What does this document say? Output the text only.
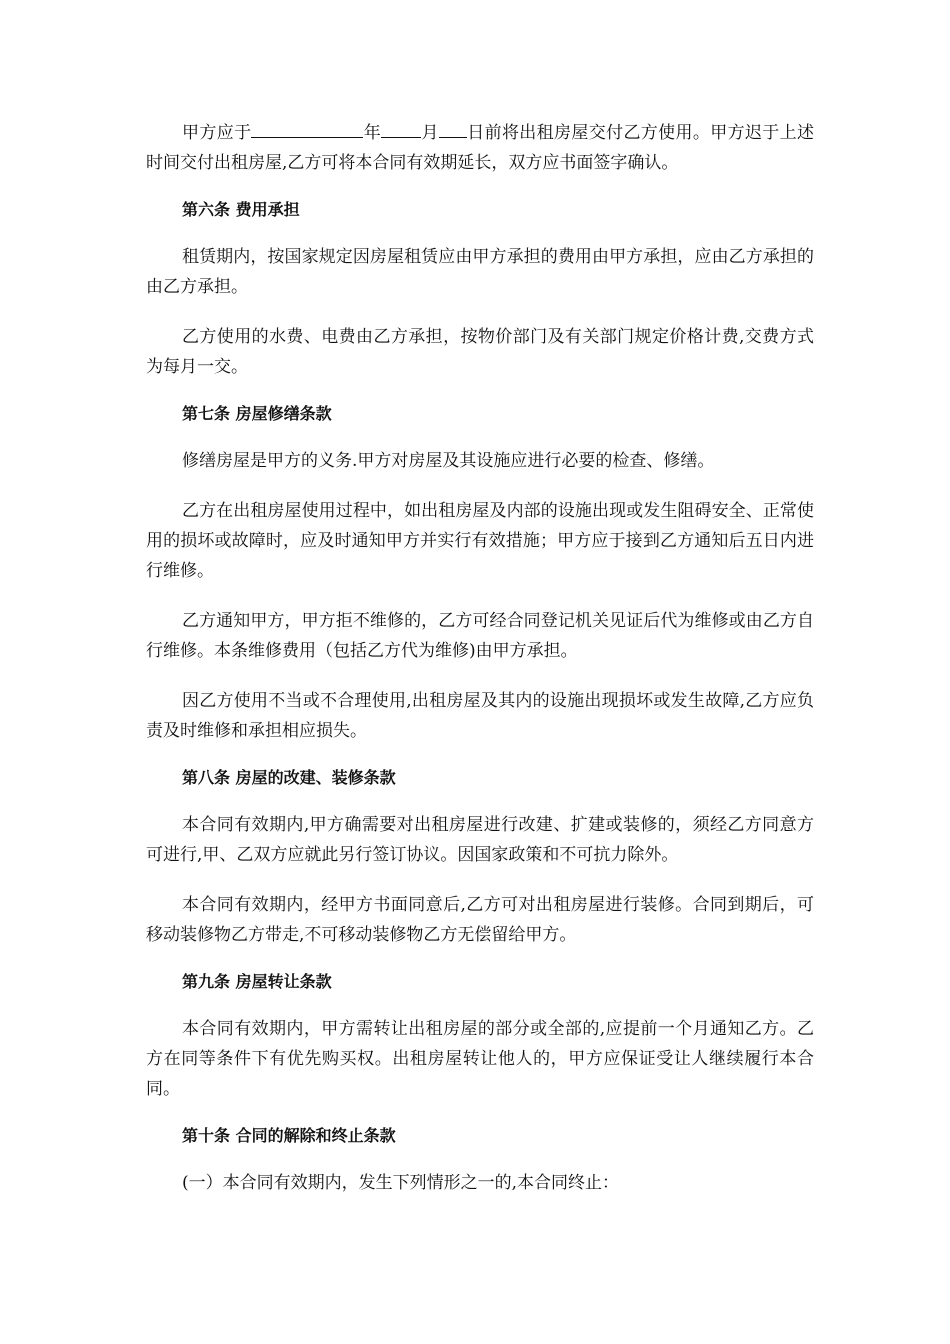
甲方应于	年 月 日前将出租房屋交付乙方使用。甲方迟于上述时间交付出租房屋,乙方可将本合同有效期延长，双方应书面签字确认。

第六条 费用承担

租赁期内，按国家规定因房屋租赁应由甲方承担的费用由甲方承担，应由乙方承担的由乙方承担。

乙方使用的水费、电费由乙方承担，按物价部门及有关部门规定价格计费,交费方式为每月一交。

第七条 房屋修缮条款

修缮房屋是甲方的义务.甲方对房屋及其设施应进行必要的检查、修缮。

乙方在出租房屋使用过程中，如出租房屋及内部的设施出现或发生阻碍安全、正常使用的损坏或故障时，应及时通知甲方并实行有效措施；甲方应于接到乙方通知后五日内进行维修。

乙方通知甲方，甲方拒不维修的，乙方可经合同登记机关见证后代为维修或由乙方自行维修。本条维修费用（包括乙方代为维修)由甲方承担。

因乙方使用不当或不合理使用,出租房屋及其内的设施出现损坏或发生故障,乙方应负责及时维修和承担相应损失。

第八条 房屋的改建、装修条款

本合同有效期内,甲方确需要对出租房屋进行改建、扩建或装修的，须经乙方同意方可进行,甲、乙双方应就此另行签订协议。因国家政策和不可抗力除外。

本合同有效期内，经甲方书面同意后,乙方可对出租房屋进行装修。合同到期后，可移动装修物乙方带走,不可移动装修物乙方无偿留给甲方。

第九条 房屋转让条款

本合同有效期内，甲方需转让出租房屋的部分或全部的,应提前一个月通知乙方。乙方在同等条件下有优先购买权。出租房屋转让他人的，甲方应保证受让人继续履行本合同。

第十条 合同的解除和终止条款

(一）本合同有效期内，发生下列情形之一的,本合同终止：
